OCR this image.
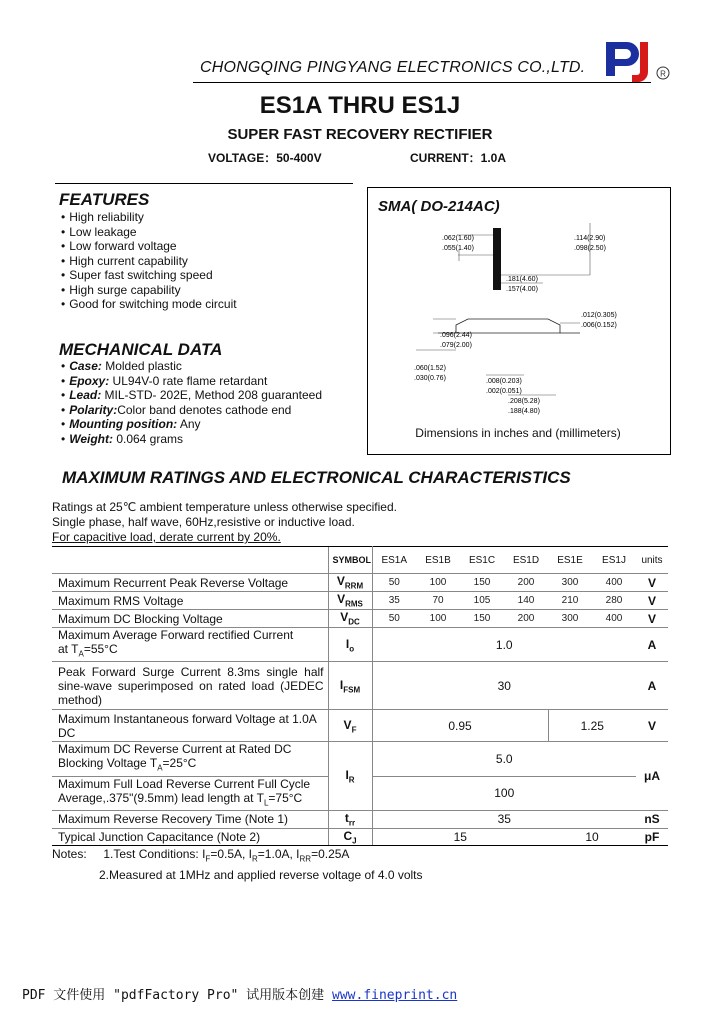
CHONGQING PINGYANG ELECTRONICS CO.,LTD.	R
ES1A THRU ES1J
SUPER FAST RECOVERY RECTIFIER
VOLTAGE：50-400V	CURRENT：1.0A
FEATURES
• High reliability
• Low leakage
• Low forward voltage
• High current capability
• Super fast switching speed
• High surge capability
• Good for switching mode circuit
MECHANICAL DATA
• Case: Molded plastic
• Epoxy: UL94V-0 rate flame retardant
• Lead: MIL-STD- 202E, Method 208 guaranteed
• Polarity:Color band denotes cathode end
• Mounting position: Any
• Weight: 0.064 grams
SMA( DO-214AC)
.062(1.60)
.055(1.40)
.114(2.90)
.098(2.50)
.181(4.60)
.157(4.00)
.012(0.305)
.006(0.152)
.096(2.44)
.079(2.00)
.060(1.52)
.030(0.76)	.008(0.203)
.002(0.051)
.208(5.28)
.188(4.80)
Dimensions in inches and (millimeters)
MAXIMUM RATINGS AND ELECTRONICAL CHARACTERISTICS
Ratings at 25℃ ambient temperature unless otherwise specified.
Single phase, half wave, 60Hz,resistive or inductive load.
For capacitive load, derate current by 20%.
	SYMBOL	ES1A	ES1B	ES1C	ES1D	ES1E	ES1J	units
Maximum Recurrent Peak Reverse Voltage	$V_{RRM}$	50	100	150	200	300	400	V
Maximum RMS Voltage	$V_{RMS}$	35	70	105	140	210	280	V
Maximum DC Blocking Voltage	$V_{DC}$	50	100	150	200	300	400	V
Maximum Average Forward rectified Current
at $T_A=55^\circ C$	$I_o$	1.0						A
Peak Forward Surge Current 8.3ms single half sine-wave superimposed on rated load (JEDEC method)	$I_{FSM}$	30						A
Maximum Instantaneous forward Voltage at 1.0A DC	$V_F$	0.95				1.25		V
Maximum DC Reverse Current at Rated DC
Blocking Voltage $T_A=25^\circ C$	$I_R$	5.0						μA
Maximum Full Load Reverse Current Full Cycle
Average,.375"(9.5mm) lead length at $T_L=75^\circ C$		100						
Maximum Reverse Recovery Time (Note 1)	$t_{rr}$	35						nS
Typical Junction Capacitance (Note 2)	$C_J$	15				10		pF
Notes: 1.Test Conditions: $I_F=0.5A$, $I_R=1.0A$, $I_{RR}=0.25A$
2.Measured at 1MHz and applied reverse voltage of 4.0 volts
PDF 文件使用 "pdfFactory Pro" 试用版本创建 www.fineprint.cn
